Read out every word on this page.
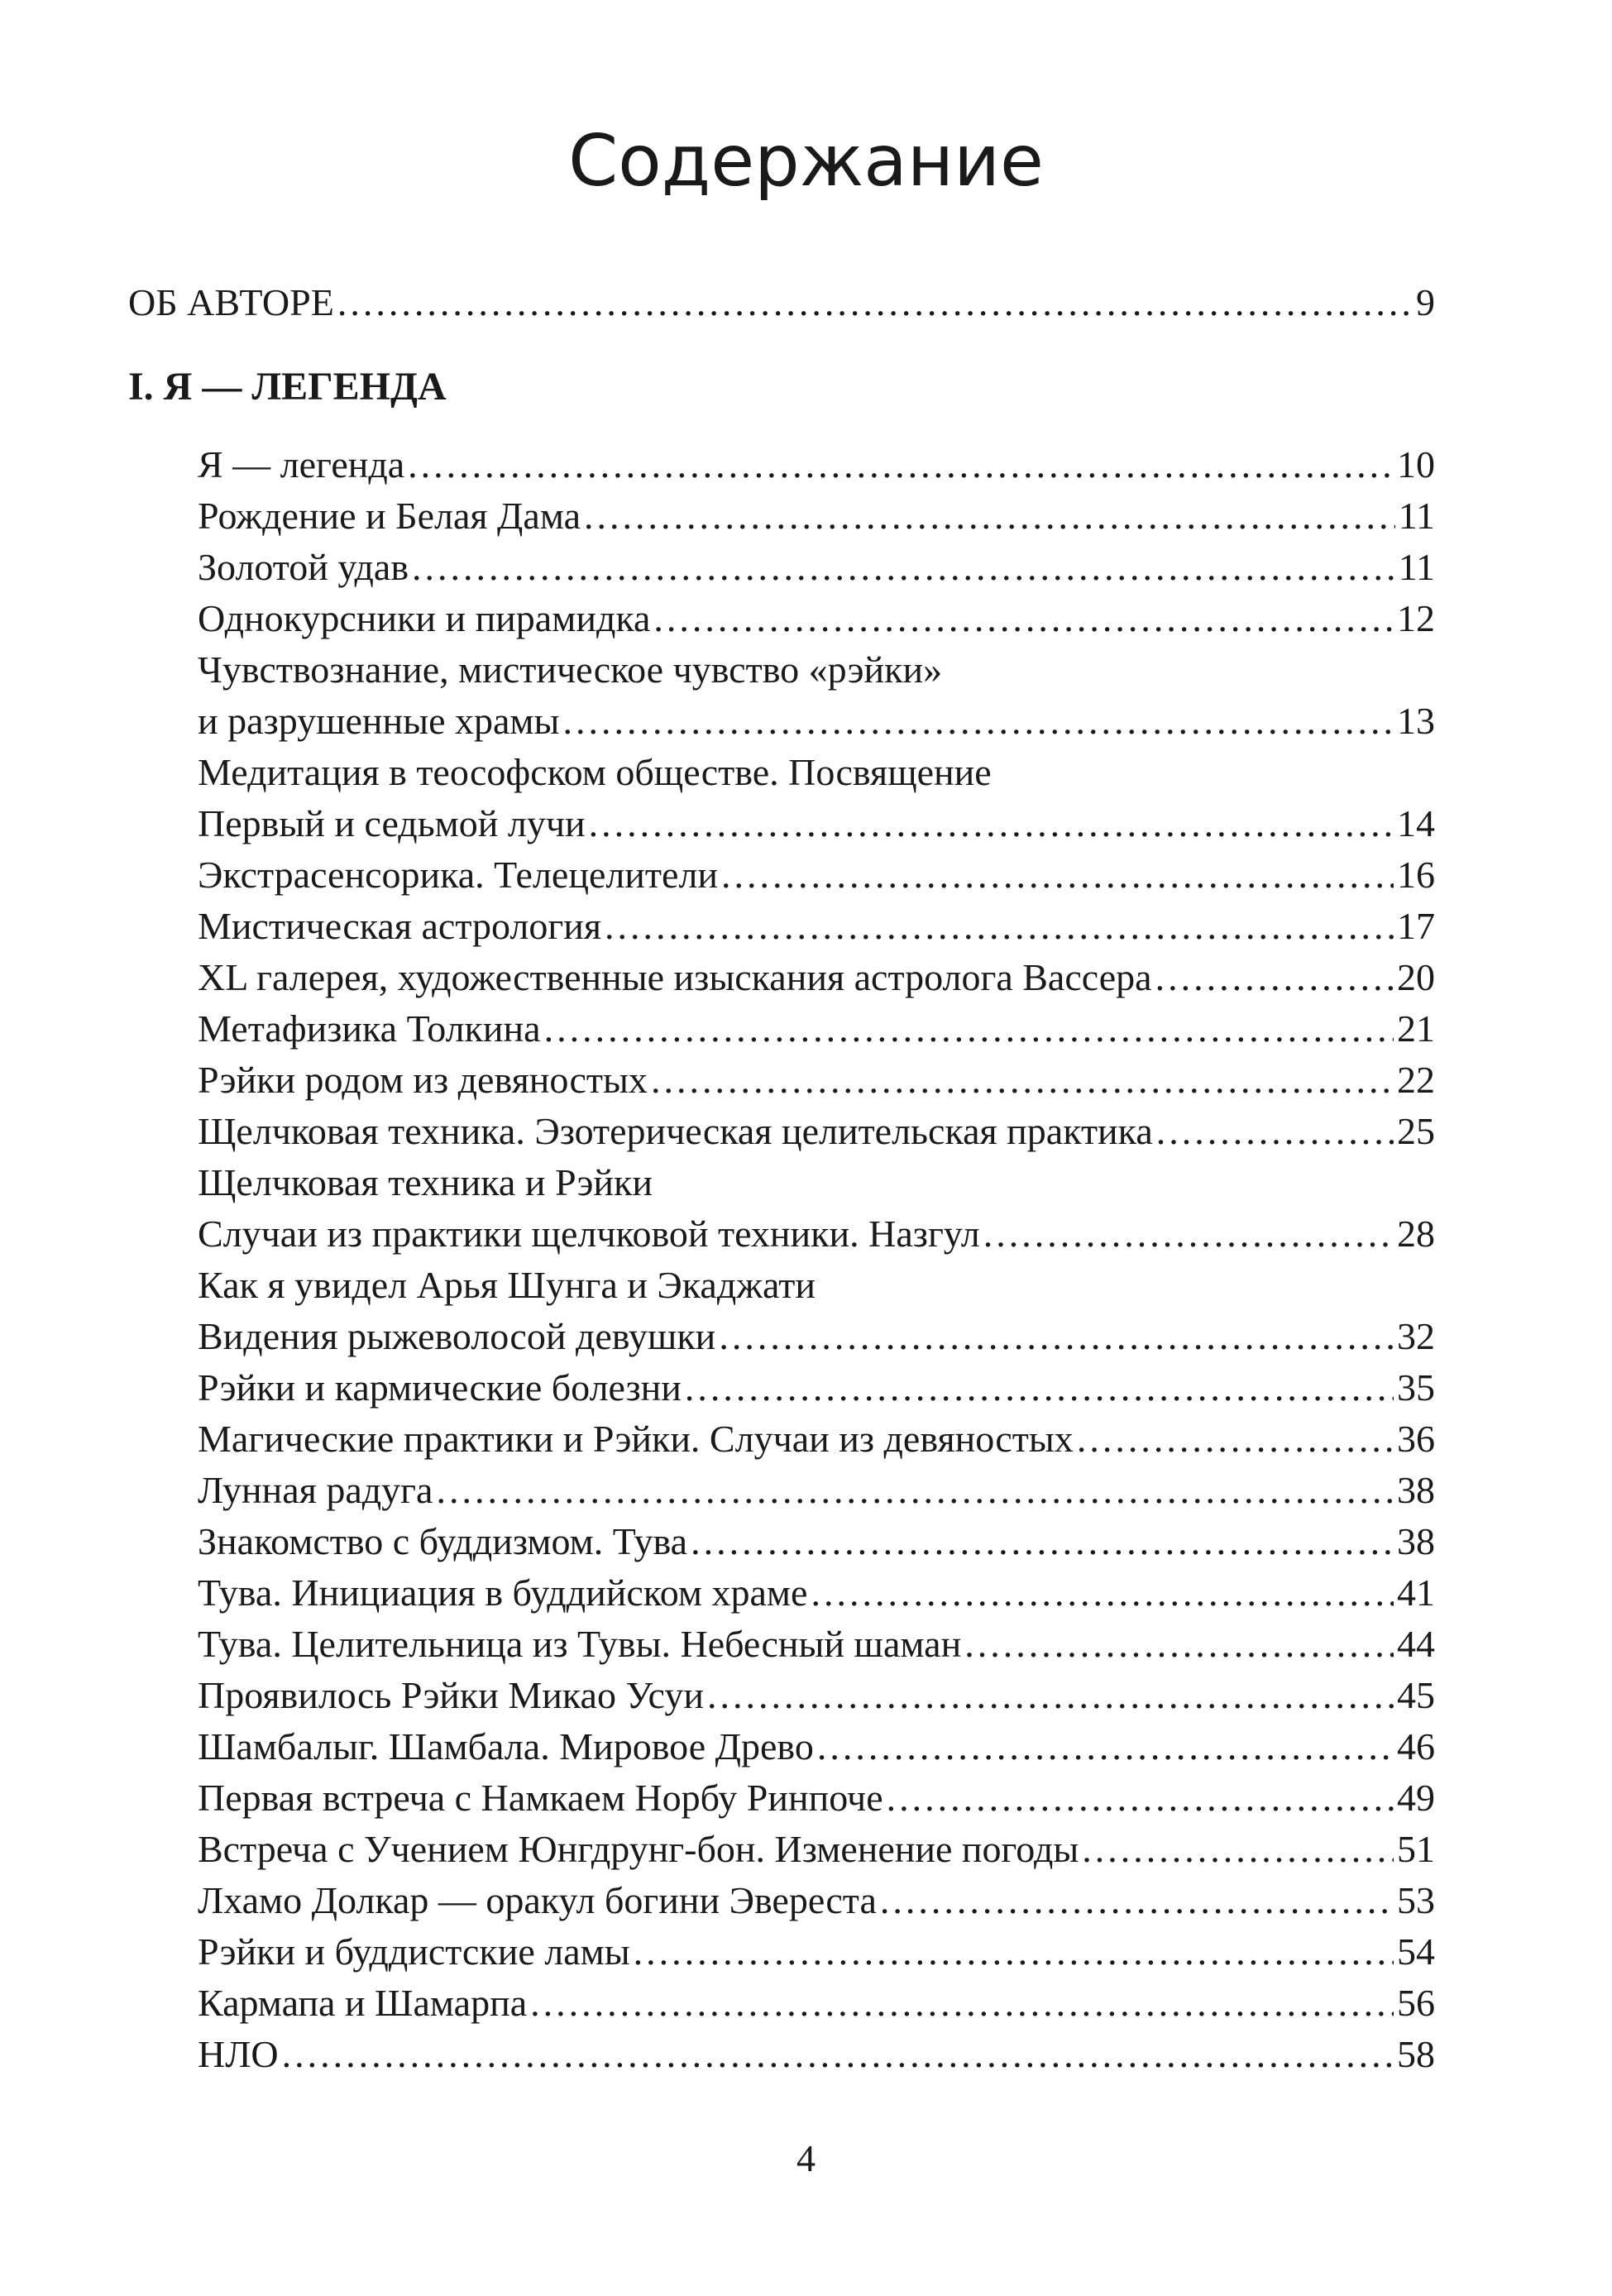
Содержание
ОБ АВТОРЕ .....	9
I. Я — ЛЕГЕНДА
Я — легенда .....	10
Рождение и Белая Дама .....	11
Золотой удав .....	11
Однокурсники и пирамидка .....	12
Чувствознание, мистическое чувство «рэйки»
и разрушенные храмы .....	13
Медитация в теософском обществе. Посвящение
Первый и седьмой лучи .....	14
Экстрасенсорика. Телецелители .....	16
Мистическая астрология .....	17
XL галерея, художественные изыскания астролога Вассера .....	20
Метафизика Толкина .....	21
Рэйки родом из девяностых .....	22
Щелчковая техника. Эзотерическая целительская практика .....	25
Щелчковая техника и Рэйки
Случаи из практики щелчковой техники. Назгул .....	28
Как я увидел Арья Шунга и Экаджати
Видения рыжеволосой девушки .....	32
Рэйки и кармические болезни .....	35
Магические практики и Рэйки. Случаи из девяностых .....	36
Лунная радуга .....	38
Знакомство с буддизмом. Тува .....	38
Тува. Инициация в буддийском храме .....	41
Тува. Целительница из Тувы. Небесный шаман .....	44
Проявилось Рэйки Микао Усуи .....	45
Шамбалыг. Шамбала. Мировое Древо .....	46
Первая встреча с Намкаем Норбу Ринпоче .....	49
Встреча с Учением Юнгдрунг-бон. Изменение погоды .....	51
Лхамо Долкар — оракул богини Эвереста .....	53
Рэйки и буддистские ламы .....	54
Кармапа и Шамарпа .....	56
НЛО .....	58
4
